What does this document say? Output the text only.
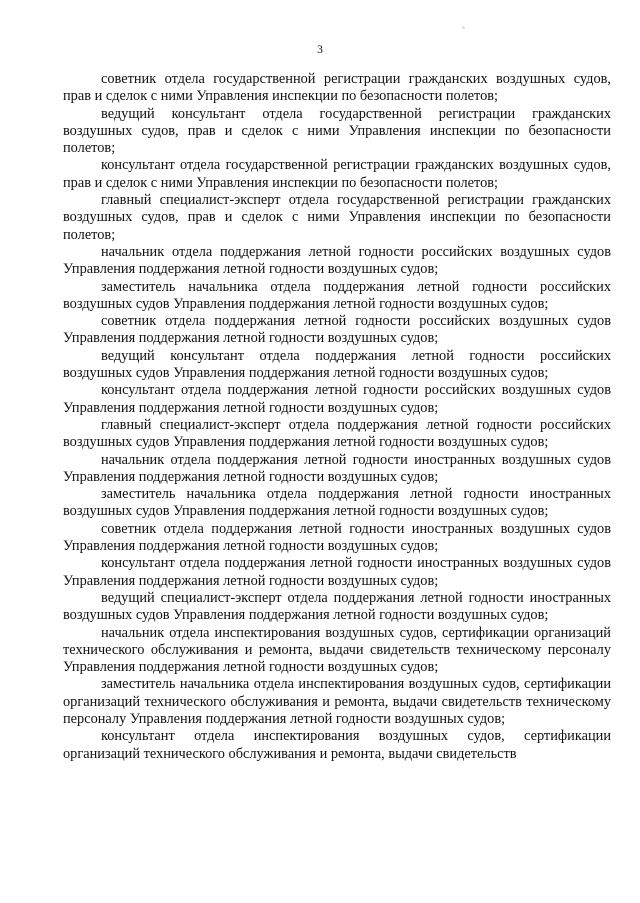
-
3

советник отдела государственной регистрации гражданских воздушных судов, прав и сделок с ними Управления инспекции по безопасности полетов;

ведущий консультант отдела государственной регистрации гражданских воздушных судов, прав и сделок с ними Управления инспекции по безопасности полетов;

консультант отдела государственной регистрации гражданских воздушных судов, прав и сделок с ними Управления инспекции по безопасности полетов;

главный специалист-эксперт отдела государственной регистрации гражданских воздушных судов, прав и сделок с ними Управления инспекции по безопасности полетов;

начальник отдела поддержания летной годности российских воздушных судов Управления поддержания летной годности воздушных судов;

заместитель начальника отдела поддержания летной годности российских воздушных судов Управления поддержания летной годности воздушных судов;

советник отдела поддержания летной годности российских воздушных судов Управления поддержания летной годности воздушных судов;

ведущий консультант отдела поддержания летной годности российских воздушных судов Управления поддержания летной годности воздушных судов;

консультант отдела поддержания летной годности российских воздушных судов Управления поддержания летной годности воздушных судов;

главный специалист-эксперт отдела поддержания летной годности российских воздушных судов Управления поддержания летной годности воздушных судов;

начальник отдела поддержания летной годности иностранных воздушных судов Управления поддержания летной годности воздушных судов;

заместитель начальника отдела поддержания летной годности иностранных воздушных судов Управления поддержания летной годности воздушных судов;

советник отдела поддержания летной годности иностранных воздушных судов Управления поддержания летной годности воздушных судов;

консультант отдела поддержания летной годности иностранных воздушных судов Управления поддержания летной годности воздушных судов;

ведущий специалист-эксперт отдела поддержания летной годности иностранных воздушных судов Управления поддержания летной годности воздушных судов;

начальник отдела инспектирования воздушных судов, сертификации организаций технического обслуживания и ремонта, выдачи свидетельств техническому персоналу Управления поддержания летной годности воздушных судов;

заместитель начальника отдела инспектирования воздушных судов, сертификации организаций технического обслуживания и ремонта, выдачи свидетельств техническому персоналу Управления поддержания летной годности воздушных судов;

консультант отдела инспектирования воздушных судов, сертификации организаций технического обслуживания и ремонта, выдачи свидетельств
